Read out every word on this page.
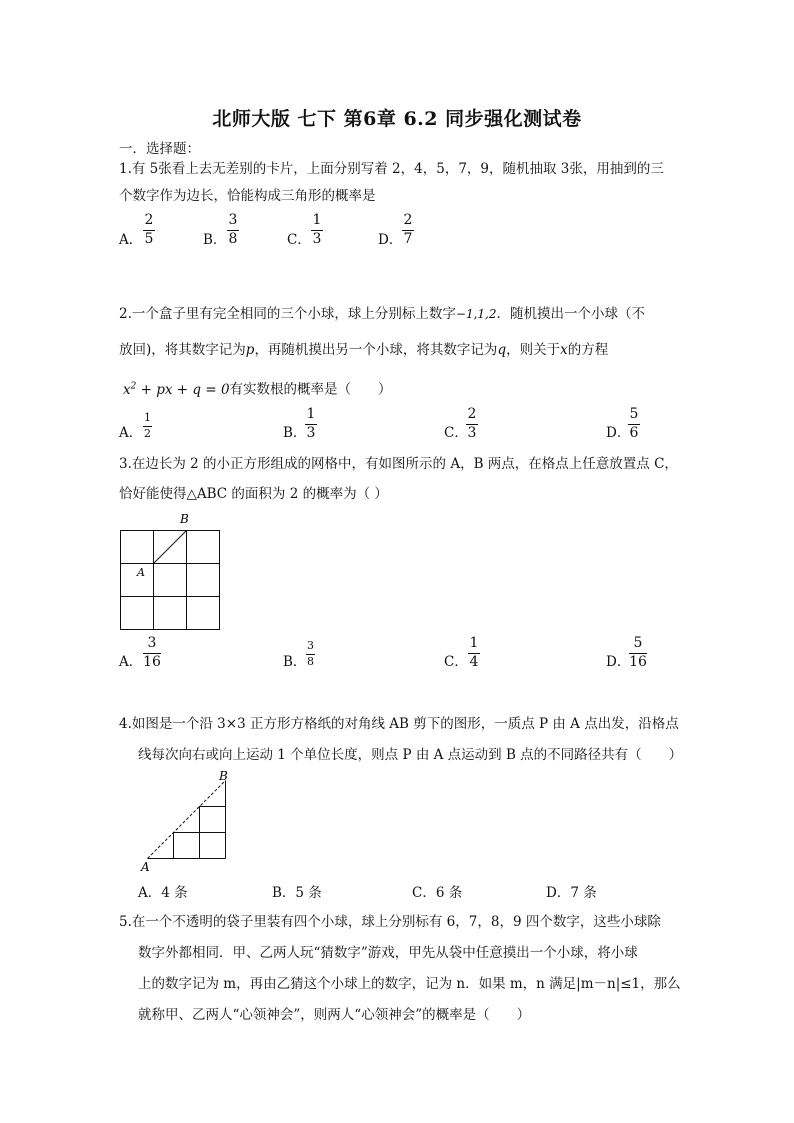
北师大版 七下 第6章 6.2 同步强化测试卷
一．选择题：
1.有 5张看上去无差别的卡片，上面分别写着 2，4，5，7，9，随机抽取 3张，用抽到的三
个数字作为边长，恰能构成三角形的概率是
A．
2
5	B．
3
8	C．
1
3	D．
2
7
2.一个盒子里有完全相同的三个小球，球上分别标上数字−1,1,2．随机摸出一个小球（不
放回)，将其数字记为p，再随机摸出另一个小球，将其数字记为q，则关于x的方程
$x^2$ + px + q = 0有实数根的概率是（　　）
A．
1
2	B．
1
3	C．
2
3	D．
5
6
3.在边长为 2 的小正方形组成的网格中，有如图所示的 A，B 两点，在格点上任意放置点 C，
恰好能使得△ABC 的面积为 2 的概率为（ ）
B
A
A．
3
16	B．
3
8	C．
1
4	D．
5
16
4.如图是一个沿 3×3 正方形方格纸的对角线 AB 剪下的图形，一质点 P 由 A 点出发，沿格点
线每次向右或向上运动 1 个单位长度，则点 P 由 A 点运动到 B 点的不同路径共有（　　）
B
A
A．4 条	B．5 条	C．6 条	D．7 条
5.在一个不透明的袋子里装有四个小球，球上分别标有 6，7，8，9 四个数字，这些小球除
数字外都相同．甲、乙两人玩“猜数字”游戏，甲先从袋中任意摸出一个小球，将小球
上的数字记为 m，再由乙猜这个小球上的数字，记为 n．如果 m，n 满足|m－n|≤1，那么
就称甲、乙两人“心领神会”，则两人“心领神会”的概率是（　　）
